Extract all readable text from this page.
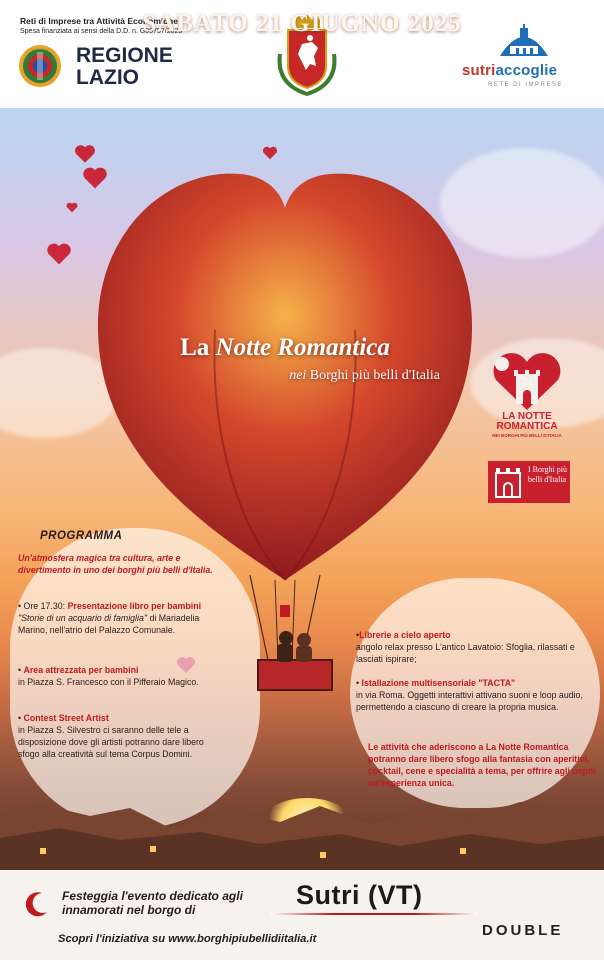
Reti di Imprese tra Attività Economiche
Spesa finanziata ai sensi della D.D. n. G05757/2023
REGIONE LAZIO	sutriaccoglie
RETE DI IMPRESE
SABATO 21 GIUGNO 2025
La Notte Romantica
nei Borghi più belli d'Italia
LA NOTTE
ROMANTICA
NEI BORGHI PIÙ BELLI D'ITALIA
I Borghi più belli d'Italia
PROGRAMMA
Un'atmosfera magica tra cultura, arte e divertimento in uno dei borghi più belli d'Italia.
• Ore 17.30: Presentazione libro per bambini "Storie di un acquario di famiglia" di Mariadelia Marino, nell'atrio del Palazzo Comunale.
• Area attrezzata per bambini
in Piazza S. Francesco con il Pifferaio Magico.
• Contest Street Artist
in Piazza S. Silvestro ci saranno delle tele a disposizione dove gli artisti potranno dare libero sfogo alla creatività sul tema Corpus Domini.
•Librerie a cielo aperto
angolo relax presso L'antico Lavatoio: Sfoglia, rilassati e lasciati ispirare;
• Istallazione multisensoriale "TACTA"
in via Roma. Oggetti interattivi attivano suoni e loop audio, permettendo a ciascuno di creare la propria musica.
Le attività che aderiscono a La Notte Romantica potranno dare libero sfogo alla fantasia con aperitivi, cocktail, cene e specialità a tema, per offrire agli ospiti un'esperienza unica.
Festeggia l'evento dedicato agli innamorati nel borgo di	Sutri (VT)
Scopri l'iniziativa su www.borghipiubellidiitalia.it	DOUBLE
